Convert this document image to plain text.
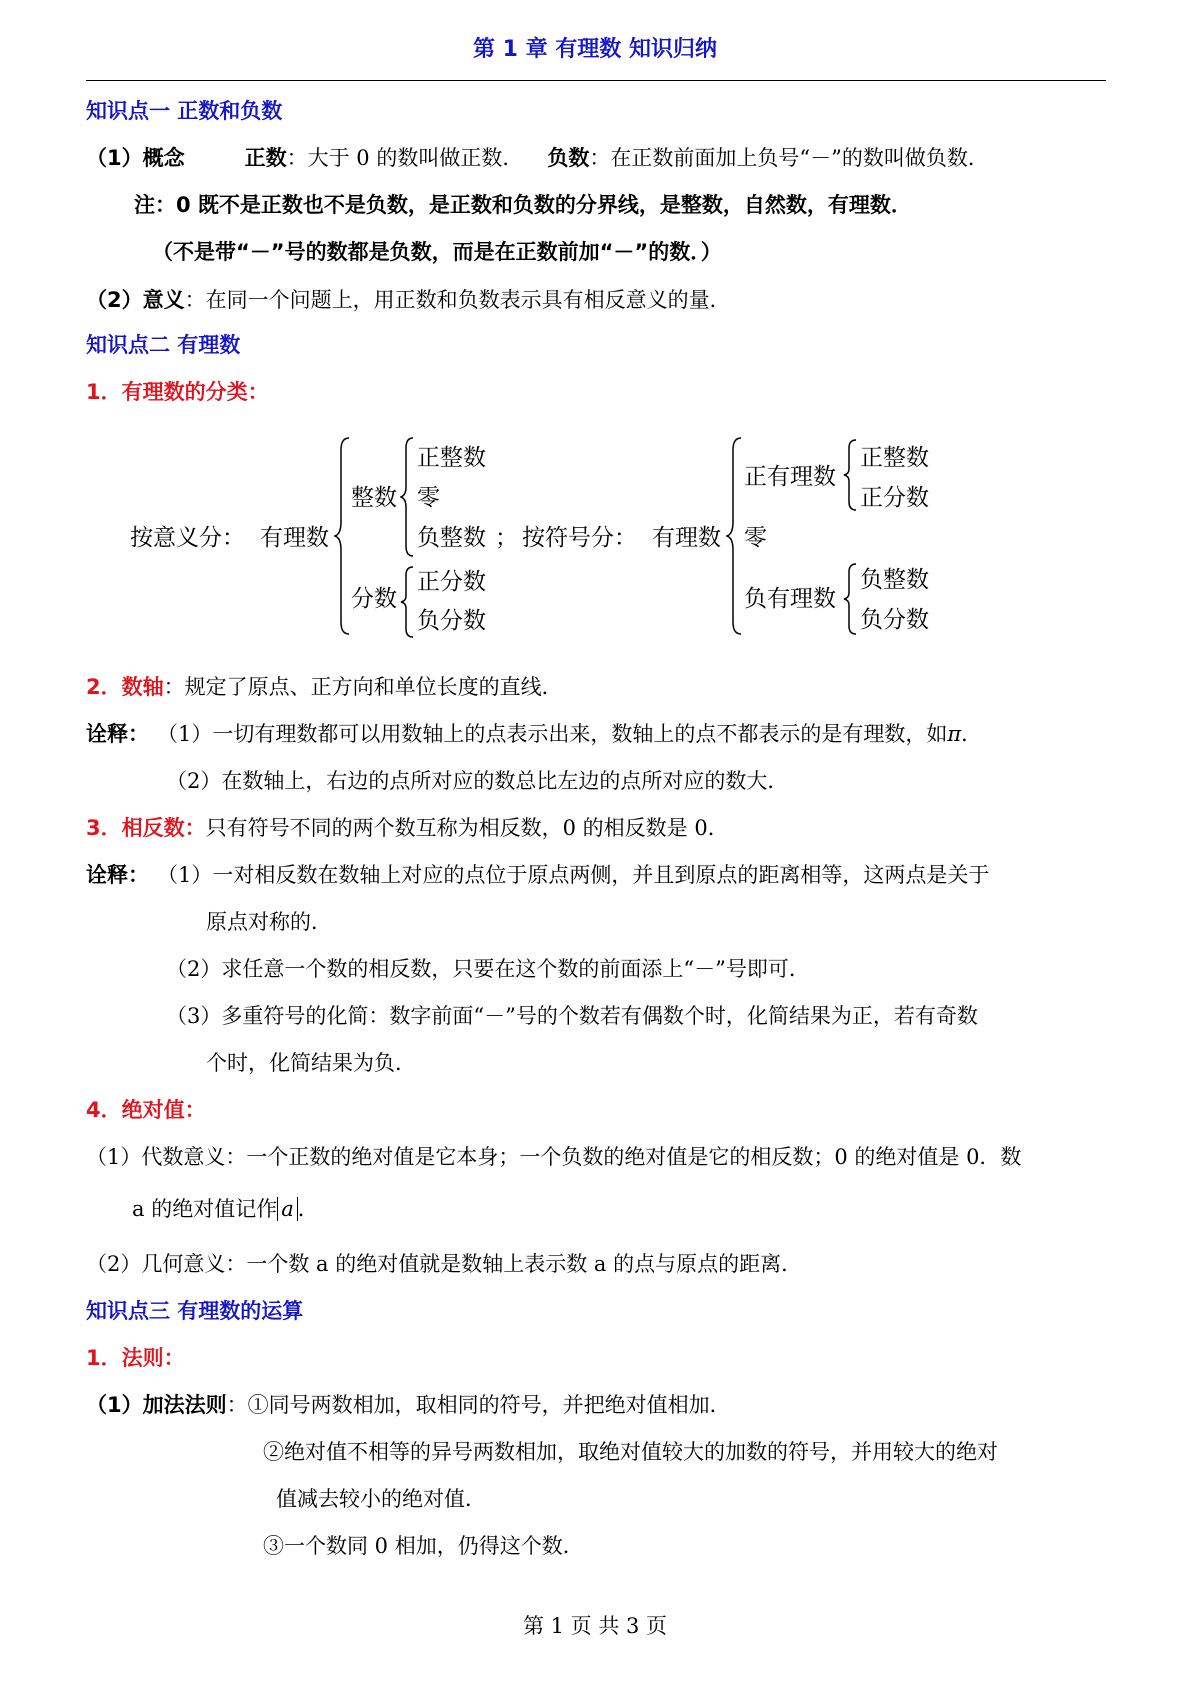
第 1 章 有理数 知识归纳
知识点一 正数和负数
（1）概念	正数：大于 0 的数叫做正数． 负数：在正数前面加上负号“－”的数叫做负数．
注：0 既不是正数也不是负数，是正数和负数的分界线，是整数，自然数，有理数．
（不是带“－”号的数都是负数，而是在正数前加“－”的数．）
（2）意义：在同一个问题上，用正数和负数表示具有相反意义的量．
知识点二 有理数
1．有理数的分类：
按意义分： 有理数
整数
正整数
零
负整数 ；
分数
正分数
负分数
按符号分： 有理数
正有理数
正整数
正分数
零
负有理数
负整数
负分数
2．数轴：规定了原点、正方向和单位长度的直线．
诠释： （1）一切有理数都可以用数轴上的点表示出来，数轴上的点不都表示的是有理数，如π．
（2）在数轴上，右边的点所对应的数总比左边的点所对应的数大．
3．相反数：只有符号不同的两个数互称为相反数，0 的相反数是 0．
诠释： （1）一对相反数在数轴上对应的点位于原点两侧，并且到原点的距离相等，这两点是关于
原点对称的．
（2）求任意一个数的相反数，只要在这个数的前面添上“－”号即可．
（3）多重符号的化简：数字前面“－”号的个数若有偶数个时，化简结果为正，若有奇数
个时，化简结果为负．
4．绝对值：
（1）代数意义：一个正数的绝对值是它本身；一个负数的绝对值是它的相反数；0 的绝对值是 0．数
a 的绝对值记作 a ．
（2）几何意义：一个数 a 的绝对值就是数轴上表示数 a 的点与原点的距离．
知识点三 有理数的运算
1．法则：
（1）加法法则：①同号两数相加，取相同的符号，并把绝对值相加．
②绝对值不相等的异号两数相加，取绝对值较大的加数的符号，并用较大的绝对
值减去较小的绝对值．
③一个数同 0 相加，仍得这个数．
第 1 页 共 3 页
